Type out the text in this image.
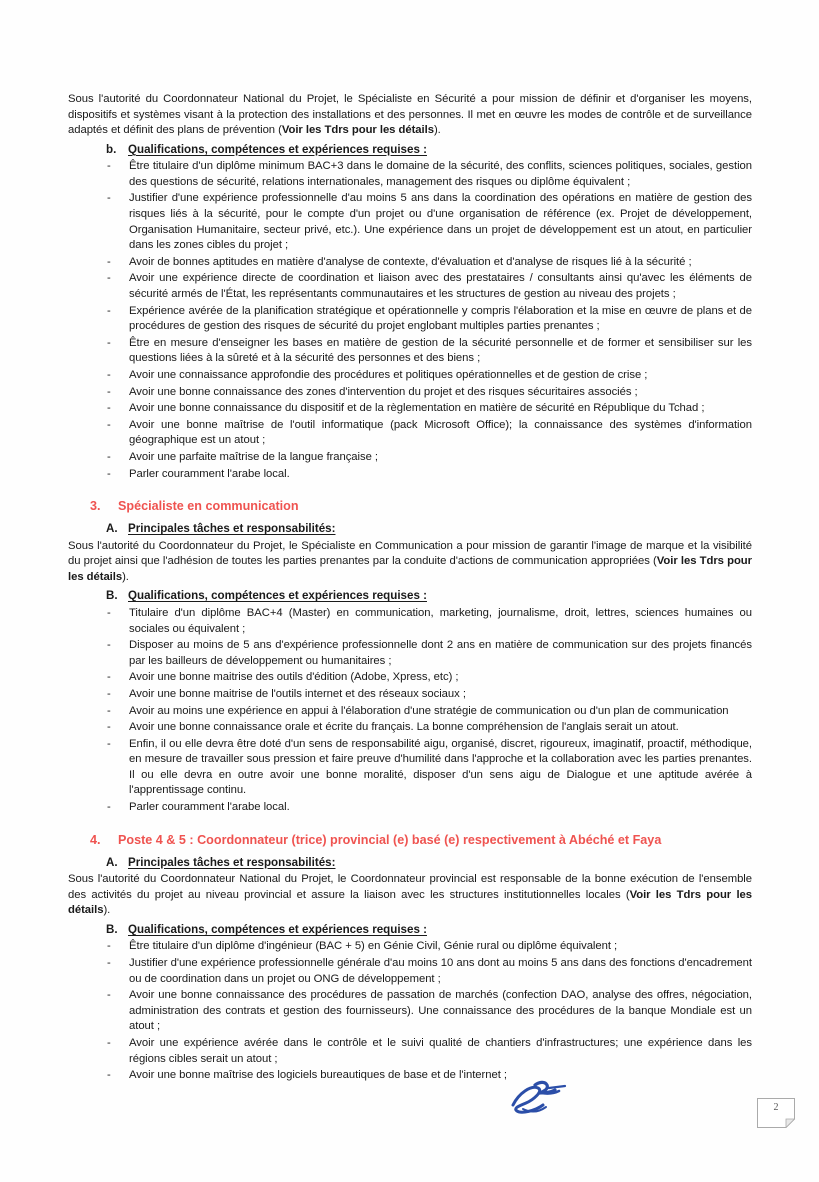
Sous l'autorité du Coordonnateur National du Projet, le Spécialiste en Sécurité a pour mission de définir et d'organiser les moyens, dispositifs et systèmes visant à la protection des installations et des personnes. Il met en œuvre les modes de contrôle et de surveillance adaptés et définit des plans de prévention (Voir les Tdrs pour les détails).

b.	Qualifications, compétences et expériences requises :
- Être titulaire d'un diplôme minimum BAC+3 dans le domaine de la sécurité, des conflits, sciences politiques, sociales, gestion des questions de sécurité, relations internationales, management des risques ou diplôme équivalent ;
- Justifier d'une expérience professionnelle d'au moins 5 ans dans la coordination des opérations en matière de gestion des risques liés à la sécurité, pour le compte d'un projet ou d'une organisation de référence (ex. Projet de développement, Organisation Humanitaire, secteur privé, etc.). Une expérience dans un projet de développement est un atout, en particulier dans les zones cibles du projet ;
- Avoir de bonnes aptitudes en matière d'analyse de contexte, d'évaluation et d'analyse de risques lié à la sécurité ;
- Avoir une expérience directe de coordination et liaison avec des prestataires / consultants ainsi qu'avec les éléments de sécurité armés de l'État, les représentants communautaires et les structures de gestion au niveau des projets ;
- Expérience avérée de la planification stratégique et opérationnelle y compris l'élaboration et la mise en œuvre de plans et de procédures de gestion des risques de sécurité du projet englobant multiples parties prenantes ;
- Être en mesure d'enseigner les bases en matière de gestion de la sécurité personnelle et de former et sensibiliser sur les questions liées à la sûreté et à la sécurité des personnes et des biens ;
- Avoir une connaissance approfondie des procédures et politiques opérationnelles et de gestion de crise ;
- Avoir une bonne connaissance des zones d'intervention du projet et des risques sécuritaires associés ;
- Avoir une bonne connaissance du dispositif et de la règlementation en matière de sécurité en République du Tchad ;
- Avoir une bonne maîtrise de l'outil informatique (pack Microsoft Office); la connaissance des systèmes d'information géographique est un atout ;
- Avoir une parfaite maîtrise de la langue française ;
- Parler couramment l'arabe local.
3.	Spécialiste en communication
A. Principales tâches et responsabilités:

Sous l'autorité du Coordonnateur du Projet, le Spécialiste en Communication a pour mission de garantir l'image de marque et la visibilité du projet ainsi que l'adhésion de toutes les parties prenantes par la conduite d'actions de communication appropriées (Voir les Tdrs pour les détails).

B. Qualifications, compétences et expériences requises :
- Titulaire d'un diplôme BAC+4 (Master) en communication, marketing, journalisme, droit, lettres, sciences humaines ou sociales ou équivalent ;
- Disposer au moins de 5 ans d'expérience professionnelle dont 2 ans en matière de communication sur des projets financés par les bailleurs de développement ou humanitaires ;
- Avoir une bonne maitrise des outils d'édition (Adobe, Xpress, etc) ;
- Avoir une bonne maitrise de l'outils internet et des réseaux sociaux ;
- Avoir au moins une expérience en appui à l'élaboration d'une stratégie de communication ou d'un plan de communication
- Avoir une bonne connaissance orale et écrite du français. La bonne compréhension de l'anglais serait un atout.
- Enfin, il ou elle devra être doté d'un sens de responsabilité aigu, organisé, discret, rigoureux, imaginatif, proactif, méthodique, en mesure de travailler sous pression et faire preuve d'humilité dans l'approche et la collaboration avec les parties prenantes. Il ou elle devra en outre avoir une bonne moralité, disposer d'un sens aigu de Dialogue et une aptitude avérée à l'apprentissage continu.
- Parler couramment l'arabe local.
4.	Poste 4 & 5 : Coordonnateur (trice) provincial (e) basé (e) respectivement à Abéché et Faya
A. Principales tâches et responsabilités:

Sous l'autorité du Coordonnateur National du Projet, le Coordonnateur provincial est responsable de la bonne exécution de l'ensemble des activités du projet au niveau provincial et assure la liaison avec les structures institutionnelles locales (Voir les Tdrs pour les détails).

B. Qualifications, compétences et expériences requises :
- Être titulaire d'un diplôme d'ingénieur (BAC + 5) en Génie Civil, Génie rural ou diplôme équivalent ;
- Justifier d'une expérience professionnelle générale d'au moins 10 ans dont au moins 5 ans dans des fonctions d'encadrement ou de coordination dans un projet ou ONG de développement ;
- Avoir une bonne connaissance des procédures de passation de marchés (confection DAO, analyse des offres, négociation, administration des contrats et gestion des fournisseurs). Une connaissance des procédures de la banque Mondiale est un atout ;
- Avoir une expérience avérée dans le contrôle et le suivi qualité de chantiers d'infrastructures; une expérience dans les régions cibles serait un atout ;
- Avoir une bonne maîtrise des logiciels bureautiques de base et de l'internet ;
2
